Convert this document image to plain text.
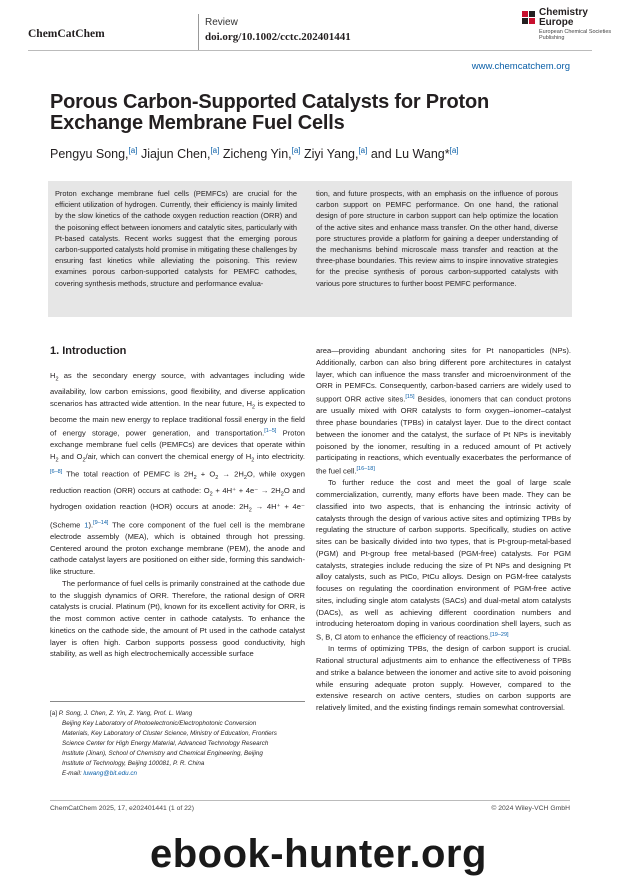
ChemCatChem
Review
doi.org/10.1002/cctc.202401441
Chemistry
Europe
European Chemical Societies Publishing
www.chemcatchem.org
Porous Carbon-Supported Catalysts for Proton Exchange Membrane Fuel Cells
Pengyu Song,[a] Jiajun Chen,[a] Zicheng Yin,[a] Ziyi Yang,[a] and Lu Wang*[a]
Proton exchange membrane fuel cells (PEMFCs) are crucial for the efficient utilization of hydrogen. Currently, their efficiency is mainly limited by the slow kinetics of the cathode oxygen reduction reaction (ORR) and the poisoning effect between ionomers and catalytic sites, particularly with Pt-based catalysts. Recent works suggest that the emerging porous carbon-supported catalysts hold promise in mitigating these challenges by ensuring fast kinetics while alleviating the poisoning. This review examines porous carbon-supported catalysts for PEMFC cathodes, covering synthesis methods, structure and performance evalua-
tion, and future prospects, with an emphasis on the influence of porous carbon support on PEMFC performance. On one hand, the rational design of pore structure in carbon support can help optimize the location of the active sites and enhance mass transfer. On the other hand, diverse pore structures provide a platform for gaining a deeper understanding of the mechanisms behind microscale mass transfer and reaction at the three-phase boundaries. This review aims to inspire innovative strategies for the precise synthesis of porous carbon-supported catalysts with various pore structures to further boost PEMFC performance.
1. Introduction

$H_2$ as the secondary energy source, with advantages including wide availability, low carbon emissions, good flexibility, and diverse application scenarios has attracted wide attention. In the near future, $H_2$ is expected to become the main new energy to replace traditional fossil energy in the field of energy storage, power generation, and transportation.[1–5] Proton exchange membrane fuel cells (PEMFCs) are devices that operate within $H_2$ and $O_2$/air, which can convert the chemical energy of $H_2$ into electricity.[6–8] The total reaction of PEMFC is $2H_2 + O_2 \to 2H_2O$, while oxygen reduction reaction (ORR) occurs at cathode: $O_2 + 4H^+ + 4e^- \to 2H_2O$ and hydrogen oxidation reaction (HOR) occurs at anode: $2H_2 \to 4H^+ + 4e^-$ (Scheme 1).[9–14] The core component of the fuel cell is the membrane electrode assembly (MEA), which is obtained through hot pressing. Centered around the proton exchange membrane (PEM), the anode and cathode catalyst layers are positioned on either side, forming this sandwich-like structure.

The performance of fuel cells is primarily constrained at the cathode due to the sluggish dynamics of ORR. Therefore, the rational design of ORR catalysts is crucial. Platinum (Pt), known for its excellent activity for ORR, is the most common active center in cathode catalysts. To enhance the kinetics on the cathode side, the amount of Pt used in the cathode catalyst layer is often high. Carbon supports possess good conductivity, high stability, as well as high electrochemically accessible surface

[a] P. Song, J. Chen, Z. Yin, Z. Yang, Prof. L. Wang
Beijing Key Laboratory of Photoelectronic/Electrophotonic Conversion
Materials, Key Laboratory of Cluster Science, Ministry of Education, Frontiers
Science Center for High Energy Material, Advanced Technology Research
Institute (Jinan), School of Chemistry and Chemical Engineering, Beijing
Institute of Technology, Beijing 100081, P. R. China
E-mail: luwang@bit.edu.cn

area—providing abundant anchoring sites for Pt nanoparticles (NPs). Additionally, carbon can also bring different pore architectures in catalyst layer, which can influence the mass transfer and microenvironment of the ORR in PEMFCs. Consequently, carbon-based carriers are widely used to support ORR active sites.[15] Besides, ionomers that can conduct protons are usually mixed with ORR catalysts to form oxygen–ionomer–catalyst three phase boundaries (TPBs) in catalyst layer. Due to the direct contact between the ionomer and the catalyst, the surface of Pt NPs is inevitably poisoned by the ionomer, resulting in a reduced amount of Pt actively participating in reactions, which eventually exacerbates the performance of the fuel cell.[16–18]

To further reduce the cost and meet the goal of large scale commercialization, currently, many efforts have been made. They can be classified into two aspects, that is enhancing the intrinsic activity of catalysts through the design of various active sites and optimizing TPBs by regulating the structure of carbon supports. Specifically, studies on active sites can be basically divided into two types, that is Pt-group-metal-based (PGM) and Pt-group free metal-based (PGM-free) catalysts. For PGM catalysts, strategies include reducing the size of Pt NPs and designing Pt alloy catalysts, such as PtCo, PtCu alloys. Design on PGM-free catalysts focuses on regulating the coordination environment of PGM-free active sites, including single atom catalysts (SACs) and dual-metal atom catalysts (DACs), as well as achieving different coordination numbers and introducing heteroatom doping in various coordination shell layers, such as S, B, Cl atom to enhance the efficiency of reactions.[19–29]

In terms of optimizing TPBs, the design of carbon support is crucial. Rational structural adjustments aim to enhance the effectiveness of TPBs and strike a balance between the ionomer and active site to avoid poisoning while ensuring adequate proton supply. However, compared to the extensive research on active centers, studies on carbon supports are relatively limited, and the existing findings remain somewhat controversial.

ChemCatChem 2025, 17, e202401441 (1 of 22)	© 2024 Wiley-VCH GmbH
ebook-hunter.org
